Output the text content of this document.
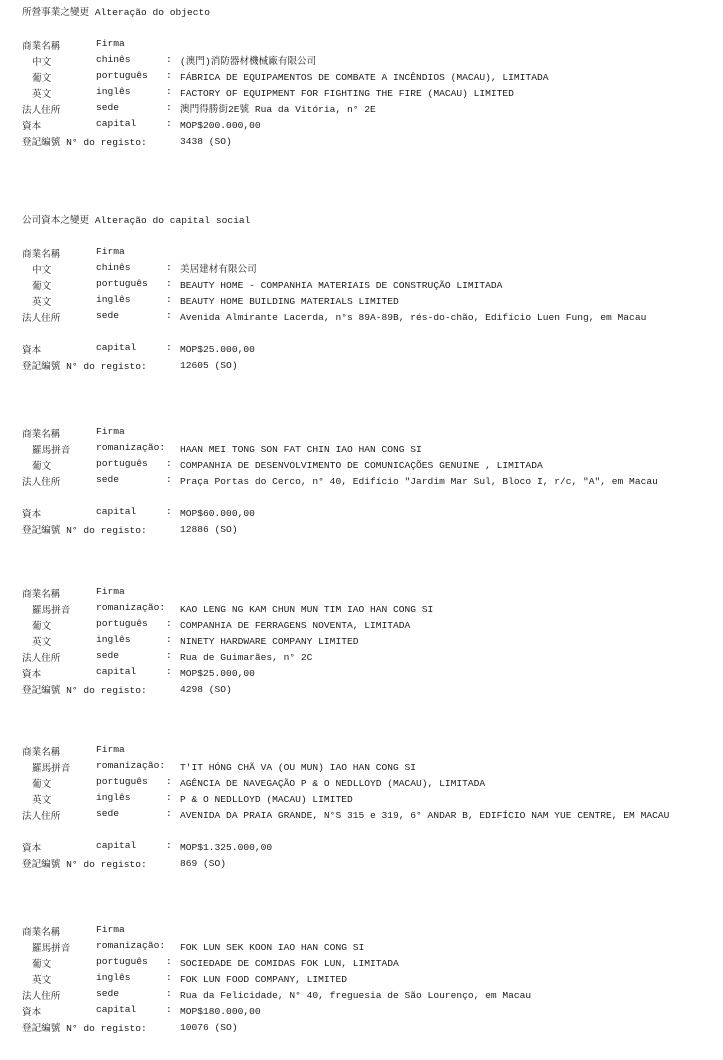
所營事業之變更 Alteração do objecto
商業名稱	Firma
中文	chinês	: (澳門)消防器材機械廠有限公司
葡文	português : FÁBRICA DE EQUIPAMENTOS DE COMBATE A INCÊNDIOS (MACAU), LIMITADA
英文	inglês	: FACTORY OF EQUIPMENT FOR FIGHTING THE FIRE (MACAU) LIMITED
法人住所	sede	: 澳門得勝街2E號 Rua da Vitória, n° 2E
資本	capital	: MOP$200.000,00
登記編號 N° do registo:	3438 (SO)
公司資本之變更 Alteração do capital social
商業名稱	Firma
中文	chinês	: 美居建材有限公司
葡文	português : BEAUTY HOME - COMPANHIA MATERIAIS DE CONSTRUÇÃO LIMITADA
英文	inglês	: BEAUTY HOME BUILDING MATERIALS LIMITED
法人住所	sede	: Avenida Almirante Lacerda, n°s 89A-89B, rés-do-chão, Edifício Luen Fung, em Macau
資本	capital	: MOP$25.000,00
登記編號 N° do registo:	12605 (SO)
商業名稱	Firma
羅馬拼音	romanização: HAAN MEI TONG SON FAT CHIN IAO HAN CONG SI
葡文	português : COMPANHIA DE DESENVOLVIMENTO DE COMUNICAÇÕES GENUINE , LIMITADA
法人住所	sede	: Praça Portas do Cerco, n° 40, Edifício "Jardim Mar Sul, Bloco I, r/c, "A", em Macau
資本	capital	: MOP$60.000,00
登記編號 N° do registo:	12886 (SO)
商業名稱	Firma
羅馬拼音	romanização: KAO LENG NG KAM CHUN MUN TIM IAO HAN CONG SI
葡文	português : COMPANHIA DE FERRAGENS NOVENTA, LIMITADA
英文	inglês	: NINETY HARDWARE COMPANY LIMITED
法人住所	sede	: Rua de Guimarães, n° 2C
資本	capital	: MOP$25.000,00
登記編號 N° do registo:	4298 (SO)
商業名稱	Firma
羅馬拼音	romanização: T'IT HÓNG CHÃ VA (OU MUN) IAO HAN CONG SI
葡文	português : AGÊNCIA DE NAVEGAÇÃO P & O NEDLLOYD (MACAU), LIMITADA
英文	inglês	: P & O NEDLLOYD (MACAU) LIMITED
法人住所	sede	: AVENIDA DA PRAIA GRANDE, N°S 315 e 319, 6° ANDAR B, EDIFÍCIO NAM YUE CENTRE, EM MACAU
資本	capital	: MOP$1.325.000,00
登記編號 N° do registo:	869 (SO)
商業名稱	Firma
羅馬拼音	romanização: FOK LUN SEK KOON IAO HAN CONG SI
葡文	português : SOCIEDADE DE COMIDAS FOK LUN, LIMITADA
英文	inglês	: FOK LUN FOOD COMPANY, LIMITED
法人住所	sede	: Rua da Felicidade, N° 40, freguesia de São Lourenço, em Macau
資本	capital	: MOP$180.000,00
登記編號 N° do registo:	10076 (SO)
